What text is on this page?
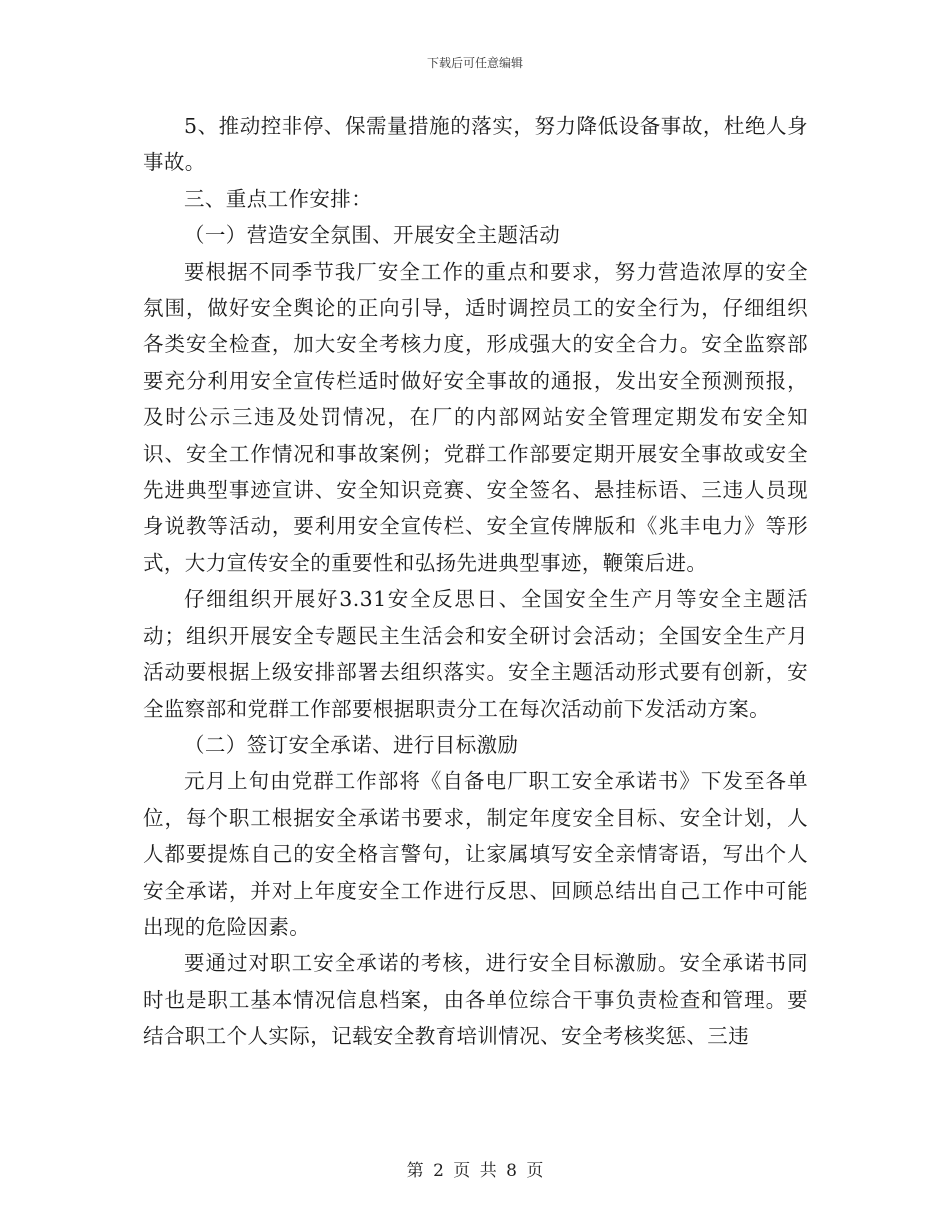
下载后可任意编辑

5、推动控非停、保需量措施的落实，努力降低设备事故，杜绝人身事故。

三、重点工作安排：

（一）营造安全氛围、开展安全主题活动

要根据不同季节我厂安全工作的重点和要求，努力营造浓厚的安全氛围，做好安全舆论的正向引导，适时调控员工的安全行为，仔细组织各类安全检查，加大安全考核力度，形成强大的安全合力。安全监察部要充分利用安全宣传栏适时做好安全事故的通报，发出安全预测预报，及时公示三违及处罚情况，在厂的内部网站安全管理定期发布安全知识、安全工作情况和事故案例；党群工作部要定期开展安全事故或安全先进典型事迹宣讲、安全知识竞赛、安全签名、悬挂标语、三违人员现身说教等活动，要利用安全宣传栏、安全宣传牌版和《兆丰电力》等形式，大力宣传安全的重要性和弘扬先进典型事迹，鞭策后进。

仔细组织开展好3.31安全反思日、全国安全生产月等安全主题活动；组织开展安全专题民主生活会和安全研讨会活动；全国安全生产月活动要根据上级安排部署去组织落实。安全主题活动形式要有创新，安全监察部和党群工作部要根据职责分工在每次活动前下发活动方案。

（二）签订安全承诺、进行目标激励

元月上旬由党群工作部将《自备电厂职工安全承诺书》下发至各单位，每个职工根据安全承诺书要求，制定年度安全目标、安全计划，人人都要提炼自己的安全格言警句，让家属填写安全亲情寄语，写出个人安全承诺，并对上年度安全工作进行反思、回顾总结出自己工作中可能出现的危险因素。

要通过对职工安全承诺的考核，进行安全目标激励。安全承诺书同时也是职工基本情况信息档案，由各单位综合干事负责检查和管理。要结合职工个人实际，记载安全教育培训情况、安全考核奖惩、三违

第 2 页 共 8 页
